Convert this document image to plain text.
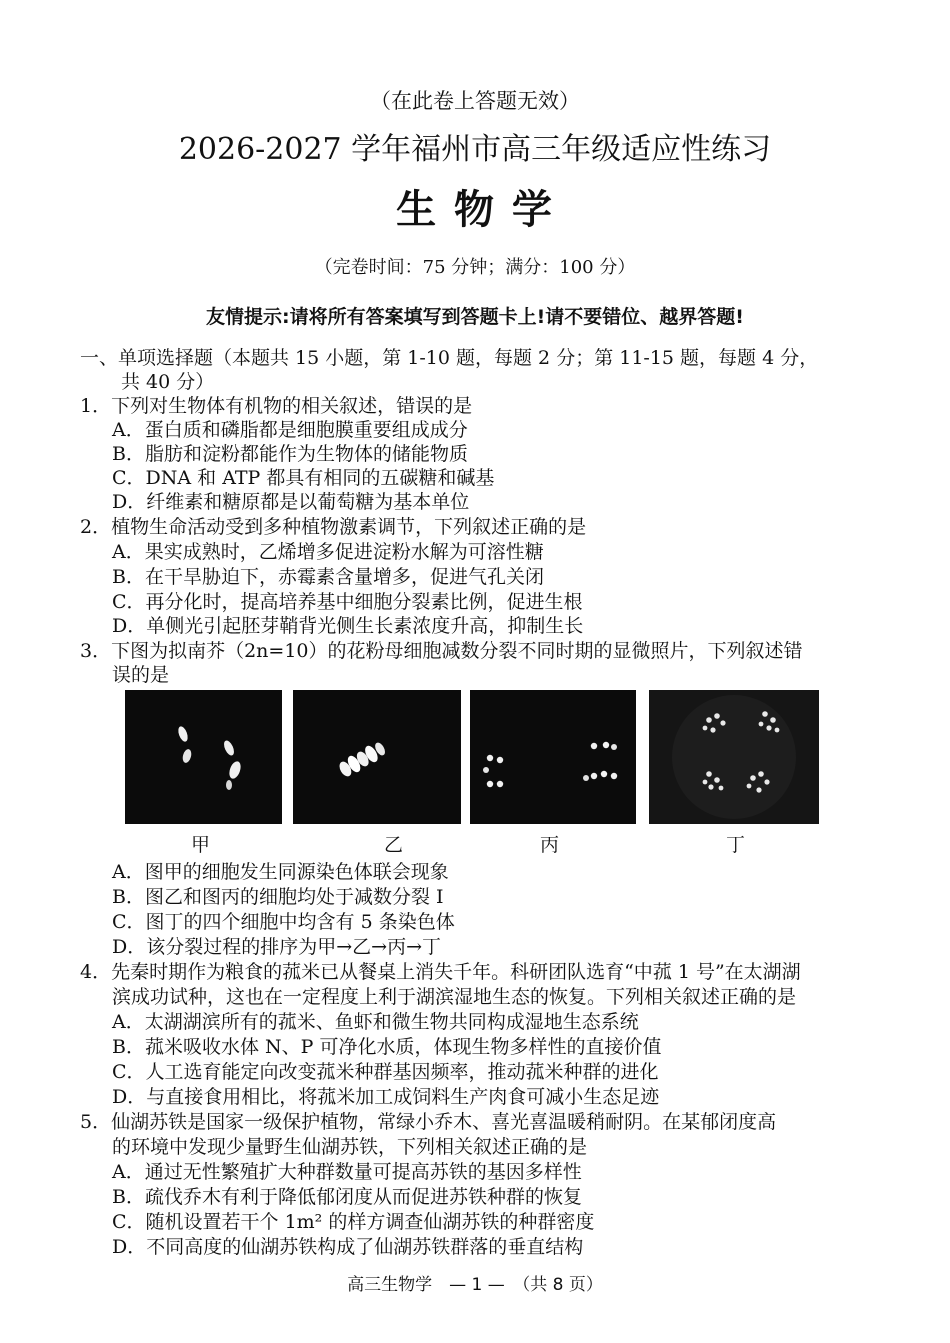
（在此卷上答题无效）
2026-2027 学年福州市高三年级适应性练习
生 物 学
（完卷时间：75 分钟；满分：100 分）
友情提示:请将所有答案填写到答题卡上!请不要错位、越界答题!
一、单项选择题（本题共 15 小题，第 1-10 题，每题 2 分；第 11-15 题，每题 4 分，
共 40 分）
1．下列对生物体有机物的相关叙述，错误的是
A．蛋白质和磷脂都是细胞膜重要组成成分
B．脂肪和淀粉都能作为生物体的储能物质
C．DNA 和 ATP 都具有相同的五碳糖和碱基
D．纤维素和糖原都是以葡萄糖为基本单位
2．植物生命活动受到多种植物激素调节，下列叙述正确的是
A．果实成熟时，乙烯增多促进淀粉水解为可溶性糖
B．在干旱胁迫下，赤霉素含量增多，促进气孔关闭
C．再分化时，提高培养基中细胞分裂素比例，促进生根
D．单侧光引起胚芽鞘背光侧生长素浓度升高，抑制生长
3．下图为拟南芥（2n=10）的花粉母细胞减数分裂不同时期的显微照片，下列叙述错
误的是
甲	乙	丙	丁
A．图甲的细胞发生同源染色体联会现象
B．图乙和图丙的细胞均处于减数分裂 I
C．图丁的四个细胞中均含有 5 条染色体
D．该分裂过程的排序为甲→乙→丙→丁
4．先秦时期作为粮食的菰米已从餐桌上消失千年。科研团队选育“中菰 1 号”在太湖湖
滨成功试种，这也在一定程度上利于湖滨湿地生态的恢复。下列相关叙述正确的是
A．太湖湖滨所有的菰米、鱼虾和微生物共同构成湿地生态系统
B．菰米吸收水体 N、P 可净化水质，体现生物多样性的直接价值
C．人工选育能定向改变菰米种群基因频率，推动菰米种群的进化
D．与直接食用相比，将菰米加工成饲料生产肉食可减小生态足迹
5．仙湖苏铁是国家一级保护植物，常绿小乔木、喜光喜温暖稍耐阴。在某郁闭度高
的环境中发现少量野生仙湖苏铁，下列相关叙述正确的是
A．通过无性繁殖扩大种群数量可提高苏铁的基因多样性
B．疏伐乔木有利于降低郁闭度从而促进苏铁种群的恢复
C．随机设置若干个 1m² 的样方调查仙湖苏铁的种群密度
D．不同高度的仙湖苏铁构成了仙湖苏铁群落的垂直结构
高三生物学　— 1 —　（共 8 页）
